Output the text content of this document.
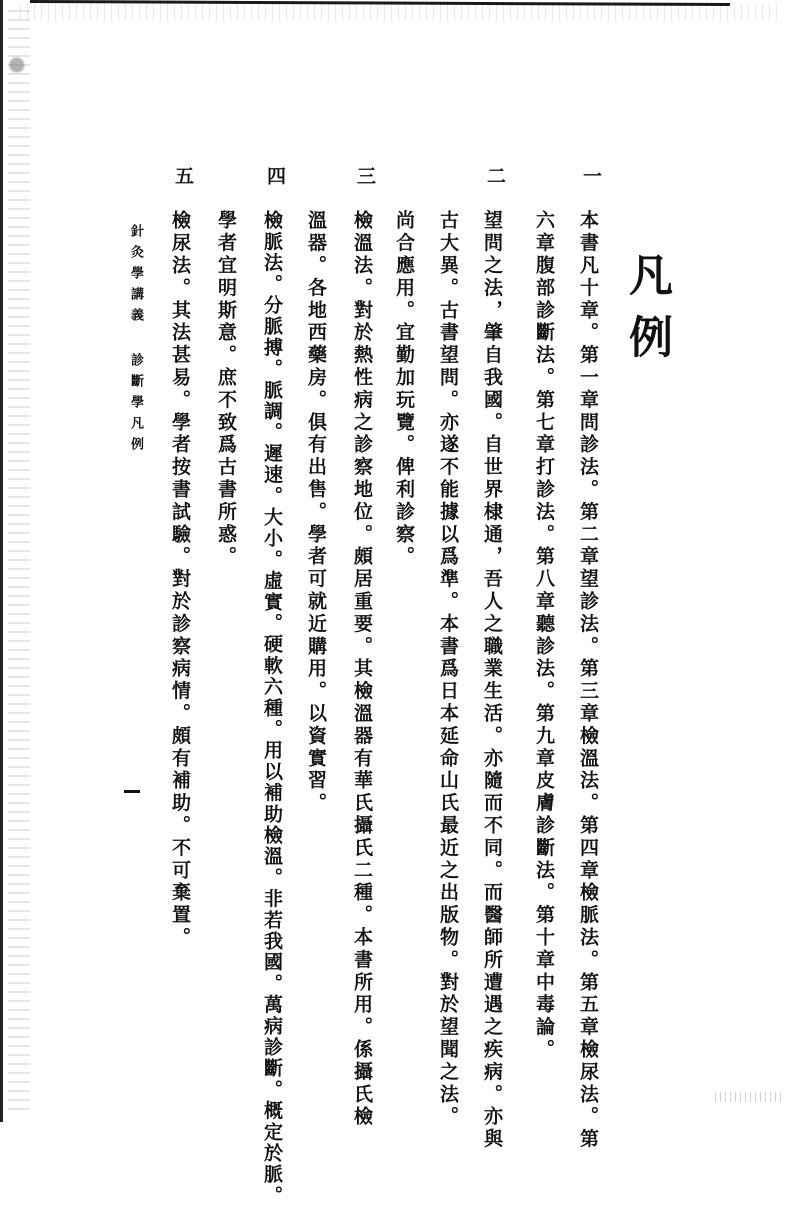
凡例
一
本書凡十章。第一章問診法。第二章望診法。第三章檢溫法。第四章檢脈法。第五章檢尿法。第
六章腹部診斷法。第七章打診法。第八章聽診法。第九章皮膚診斷法。第十章中毒論。
二
望問之法，肇自我國。自世界棣通，吾人之職業生活。亦隨而不同。而醫師所遭遇之疾病。亦與
古大異。古書望問。亦遂不能據以爲準。本書爲日本延命山氏最近之出版物。對於望聞之法。
尚合應用。宜勤加玩覽。俾利診察。
三
檢溫法。對於熱性病之診察地位。頗居重要。其檢溫器有華氏攝氏二種。本書所用。係攝氏檢
溫器。各地西藥房。俱有出售。學者可就近購用。以資實習。
四
檢脈法。分脈搏。脈調。遲速。大小。虛實。硬軟六種。用以補助檢溫。非若我國。萬病診斷。概定於脈。
學者宜明斯意。庶不致爲古書所惑。
五
檢尿法。其法甚易。學者按書試驗。對於診察病情。頗有補助。不可棄置。
針灸學講義診斷學凡例
